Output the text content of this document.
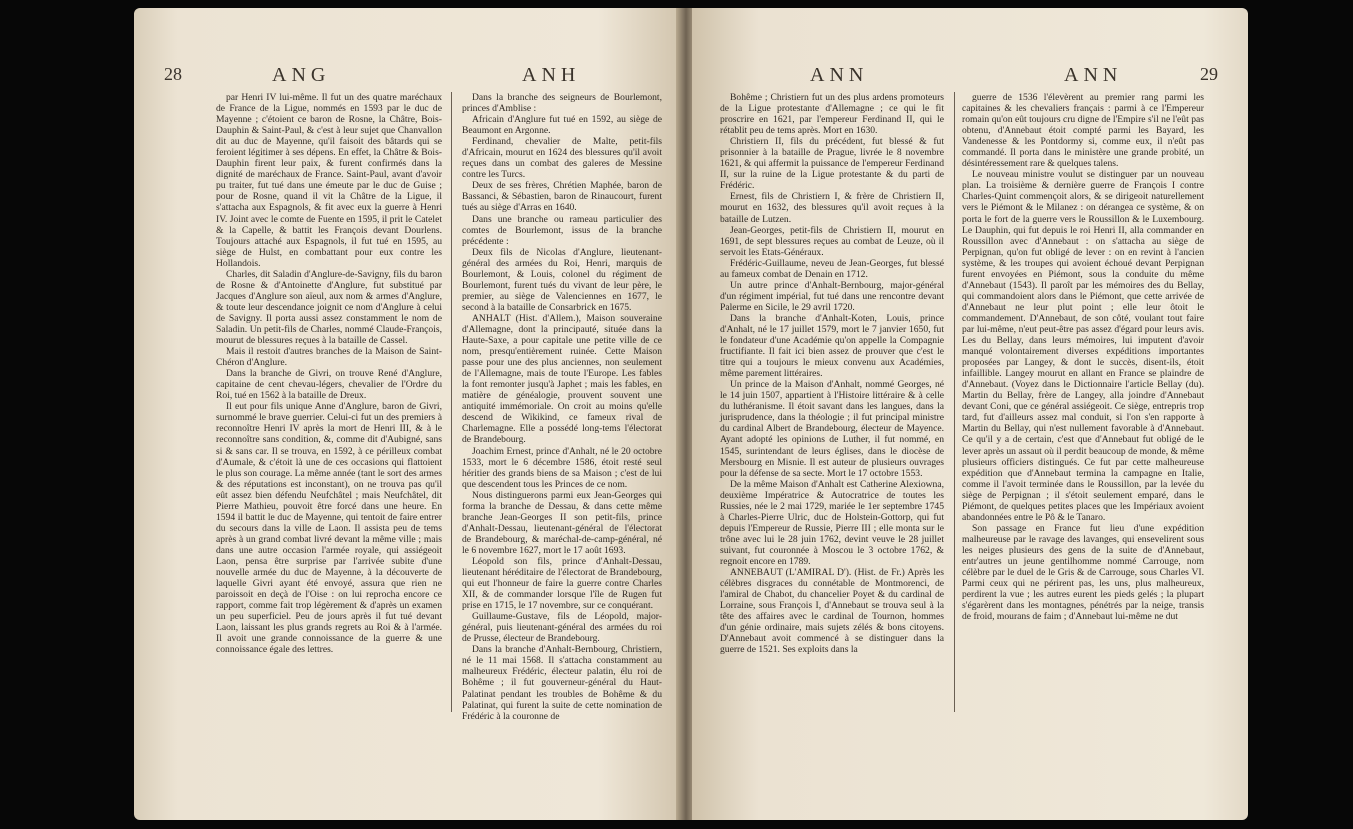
28	ANG	ANH

par Henri IV lui-même. Il fut un des quatre maréchaux de France de la Ligue, nommés en 1593 par le duc de Mayenne ; c'étoient ce baron de Rosne, la Châtre, Bois-Dauphin & Saint-Paul, & c'est à leur sujet que Chanvallon dit au duc de Mayenne, qu'il faisoit des bâtards qui se feroient légitimer à ses dépens. En effet, la Châtre & Bois-Dauphin firent leur paix, & furent confirmés dans la dignité de maréchaux de France. Saint-Paul, avant d'avoir pu traiter, fut tué dans une émeute par le duc de Guise ; pour de Rosne, quand il vit la Châtre de la Ligue, il s'attacha aux Espagnols, & fit avec eux la guerre à Henri IV. Joint avec le comte de Fuente en 1595, il prit le Catelet & la Capelle, & battit les François devant Dourlens. Toujours attaché aux Espagnols, il fut tué en 1595, au siège de Hulst, en combattant pour eux contre les Hollandois.

Charles, dit Saladin d'Anglure-de-Savigny, fils du baron de Rosne & d'Antoinette d'Anglure, fut substitué par Jacques d'Anglure son aïeul, aux nom & armes d'Anglure, & toute leur descendance joignit ce nom d'Anglure à celui de Savigny. Il porta aussi assez constamment le nom de Saladin. Un petit-fils de Charles, nommé Claude-François, mourut de blessures reçues à la bataille de Cassel.

Mais il restoit d'autres branches de la Maison de Saint-Chéron d'Anglure.

Dans la branche de Givri, on trouve René d'Anglure, capitaine de cent chevau-légers, chevalier de l'Ordre du Roi, tué en 1562 à la bataille de Dreux.

Il eut pour fils unique Anne d'Anglure, baron de Givri, surnommé le brave guerrier. Celui-ci fut un des premiers à reconnoître Henri IV après la mort de Henri III, & à le reconnoître sans condition, &, comme dit d'Aubigné, sans si & sans car. Il se trouva, en 1592, à ce périlleux combat d'Aumale, & c'étoit là une de ces occasions qui flattoient le plus son courage. La même année (tant le sort des armes & des réputations est inconstant), on ne trouva pas qu'il eût assez bien défendu Neufchâtel ; mais Neufchâtel, dit Pierre Mathieu, pouvoit être forcé dans une heure. En 1594 il battit le duc de Mayenne, qui tentoit de faire entrer du secours dans la ville de Laon. Il assista peu de tems après à un grand combat livré devant la même ville ; mais dans une autre occasion l'armée royale, qui assiégeoit Laon, pensa être surprise par l'arrivée subite d'une nouvelle armée du duc de Mayenne, à la découverte de laquelle Givri ayant été envoyé, assura que rien ne paroissoit en deçà de l'Oise : on lui reprocha encore ce rapport, comme fait trop légèrement & d'après un examen un peu superficiel. Peu de jours après il fut tué devant Laon, laissant les plus grands regrets au Roi & à l'armée. Il avoit une grande connoissance de la guerre & une connoissance égale des lettres.

Dans la branche des seigneurs de Bourlemont, princes d'Amblise :

Africain d'Anglure fut tué en 1592, au siège de Beaumont en Argonne.

Ferdinand, chevalier de Malte, petit-fils d'Africain, mourut en 1624 des blessures qu'il avoit reçues dans un combat des galeres de Messine contre les Turcs.

Deux de ses frères, Chrétien Maphée, baron de Bassanci, & Sébastien, baron de Rinaucourt, furent tués au siège d'Arras en 1640.

Dans une branche ou rameau particulier des comtes de Bourlemont, issus de la branche précédente :

Deux fils de Nicolas d'Anglure, lieutenant-général des armées du Roi, Henri, marquis de Bourlemont, & Louis, colonel du régiment de Bourlemont, furent tués du vivant de leur père, le premier, au siège de Valenciennes en 1677, le second à la bataille de Consarbrick en 1675.

ANHALT (Hist. d'Allem.), Maison souveraine d'Allemagne, dont la principauté, située dans la Haute-Saxe, a pour capitale une petite ville de ce nom, presqu'entièrement ruinée. Cette Maison passe pour une des plus anciennes, non seulement de l'Allemagne, mais de toute l'Europe. Les fables la font remonter jusqu'à Japhet ; mais les fables, en matière de généalogie, prouvent souvent une antiquité immémoriale. On croit au moins qu'elle descend de Wikikind, ce fameux rival de Charlemagne. Elle a possédé long-tems l'électorat de Brandebourg.

Joachim Ernest, prince d'Anhalt, né le 20 octobre 1533, mort le 6 décembre 1586, étoit resté seul héritier des grands biens de sa Maison ; c'est de lui que descendent tous les Princes de ce nom.

Nous distinguerons parmi eux Jean-Georges qui forma la branche de Dessau, & dans cette même branche Jean-Georges II son petit-fils, prince d'Anhalt-Dessau, lieutenant-général de l'électorat de Brandebourg, & maréchal-de-camp-général, né le 6 novembre 1627, mort le 17 août 1693.

Léopold son fils, prince d'Anhalt-Dessau, lieutenant héréditaire de l'électorat de Brandebourg, qui eut l'honneur de faire la guerre contre Charles XII, & de commander lorsque l'île de Rugen fut prise en 1715, le 17 novembre, sur ce conquérant.

Guillaume-Gustave, fils de Léopold, major-général, puis lieutenant-général des armées du roi de Prusse, électeur de Brandebourg.

Dans la branche d'Anhalt-Bernbourg, Christiern, né le 11 mai 1568. Il s'attacha constamment au malheureux Frédéric, électeur palatin, élu roi de Bohême ; il fut gouverneur-général du Haut-Palatinat pendant les troubles de Bohême & du Palatinat, qui furent la suite de cette nomination de Frédéric à la couronne de

ANN	ANN	29

Bohême ; Christiern fut un des plus ardens promoteurs de la Ligue protestante d'Allemagne ; ce qui le fit proscrire en 1621, par l'empereur Ferdinand II, qui le rétablit peu de tems après. Mort en 1630.

Christiern II, fils du précédent, fut blessé & fut prisonnier à la bataille de Prague, livrée le 8 novembre 1621, & qui affermit la puissance de l'empereur Ferdinand II, sur la ruine de la Ligue protestante & du parti de Frédéric.

Ernest, fils de Christiern I, & frère de Christiern II, mourut en 1632, des blessures qu'il avoit reçues à la bataille de Lutzen.

Jean-Georges, petit-fils de Christiern II, mourut en 1691, de sept blessures reçues au combat de Leuze, où il servoit les Etats-Généraux.

Frédéric-Guillaume, neveu de Jean-Georges, fut blessé au fameux combat de Denain en 1712.

Un autre prince d'Anhalt-Bernbourg, major-général d'un régiment impérial, fut tué dans une rencontre devant Palerme en Sicile, le 29 avril 1720.

Dans la branche d'Anhalt-Koten, Louis, prince d'Anhalt, né le 17 juillet 1579, mort le 7 janvier 1650, fut le fondateur d'une Académie qu'on appelle la Compagnie fructifiante. Il fait ici bien assez de prouver que c'est le titre qui a toujours le mieux convenu aux Académies, même parement littéraires.

Un prince de la Maison d'Anhalt, nommé Georges, né le 14 juin 1507, appartient à l'Histoire littéraire & à celle du luthéranisme. Il étoit savant dans les langues, dans la jurisprudence, dans la théologie ; il fut principal ministre du cardinal Albert de Brandebourg, électeur de Mayence. Ayant adopté les opinions de Luther, il fut nommé, en 1545, surintendant de leurs églises, dans le diocèse de Mersbourg en Misnie. Il est auteur de plusieurs ouvrages pour la défense de sa secte. Mort le 17 octobre 1553.

De la même Maison d'Anhalt est Catherine Alexiowna, deuxième Impératrice & Autocratrice de toutes les Russies, née le 2 mai 1729, mariée le 1er septembre 1745 à Charles-Pierre Ulric, duc de Holstein-Gottorp, qui fut depuis l'Empereur de Russie, Pierre III ; elle monta sur le trône avec lui le 28 juin 1762, devint veuve le 28 juillet suivant, fut couronnée à Moscou le 3 octobre 1762, & regnoit encore en 1789.

ANNEBAUT (L'AMIRAL D'). (Hist. de Fr.) Après les célèbres disgraces du connétable de Montmorenci, de l'amiral de Chabot, du chancelier Poyet & du cardinal de Lorraine, sous François I, d'Annebaut se trouva seul à la tête des affaires avec le cardinal de Tournon, hommes d'un génie ordinaire, mais sujets zélés & bons citoyens. D'Annebaut avoit commencé à se distinguer dans la guerre de 1521. Ses exploits dans la

guerre de 1536 l'élevèrent au premier rang parmi les capitaines & les chevaliers français : parmi à ce l'Empereur romain qu'on eût toujours cru digne de l'Empire s'il ne l'eût pas obtenu, d'Annebaut étoit compté parmi les Bayard, les Vandenesse & les Pontdormy si, comme eux, il n'eût pas commandé. Il porta dans le ministère une grande probité, un désintéressement rare & quelques talens.

Le nouveau ministre voulut se distinguer par un nouveau plan. La troisième & dernière guerre de François I contre Charles-Quint commençoit alors, & se dirigeoit naturellement vers le Piémont & le Milanez : on dérangea ce système, & on porta le fort de la guerre vers le Roussillon & le Luxembourg. Le Dauphin, qui fut depuis le roi Henri II, alla commander en Roussillon avec d'Annebaut : on s'attacha au siège de Perpignan, qu'on fut obligé de lever : on en revint à l'ancien système, & les troupes qui avoient échoué devant Perpignan furent envoyées en Piémont, sous la conduite du même d'Annebaut (1543). Il paroît par les mémoires des du Bellay, qui commandoient alors dans le Piémont, que cette arrivée de d'Annebaut ne leur plut point ; elle leur ôtoit le commandement. D'Annebaut, de son côté, voulant tout faire par lui-même, n'eut peut-être pas assez d'égard pour leurs avis. Les du Bellay, dans leurs mémoires, lui imputent d'avoir manqué volontairement diverses expéditions importantes proposées par Langey, & dont le succès, disent-ils, étoit infaillible. Langey mourut en allant en France se plaindre de d'Annebaut. (Voyez dans le Dictionnaire l'article Bellay (du). Martin du Bellay, frère de Langey, alla joindre d'Annebaut devant Coni, que ce général assiégeoit. Ce siège, entrepris trop tard, fut d'ailleurs assez mal conduit, si l'on s'en rapporte à Martin du Bellay, qui n'est nullement favorable à d'Annebaut. Ce qu'il y a de certain, c'est que d'Annebaut fut obligé de le lever après un assaut où il perdit beaucoup de monde, & même plusieurs officiers distingués. Ce fut par cette malheureuse expédition que d'Annebaut termina la campagne en Italie, comme il l'avoit terminée dans le Roussillon, par la levée du siège de Perpignan ; il s'étoit seulement emparé, dans le Piémont, de quelques petites places que les Impériaux avoient abandonnées entre le Pô & le Tanaro.

Son passage en France fut lieu d'une expédition malheureuse par le ravage des lavanges, qui ensevelirent sous les neiges plusieurs des gens de la suite de d'Annebaut, entr'autres un jeune gentilhomme nommé Carrouge, nom célèbre par le duel de le Gris & de Carrouge, sous Charles VI. Parmi ceux qui ne périrent pas, les uns, plus malheureux, perdirent la vue ; les autres eurent les pieds gelés ; la plupart s'égarèrent dans les montagnes, pénétrés par la neige, transis de froid, mourans de faim ; d'Annebaut lui-même ne dut
